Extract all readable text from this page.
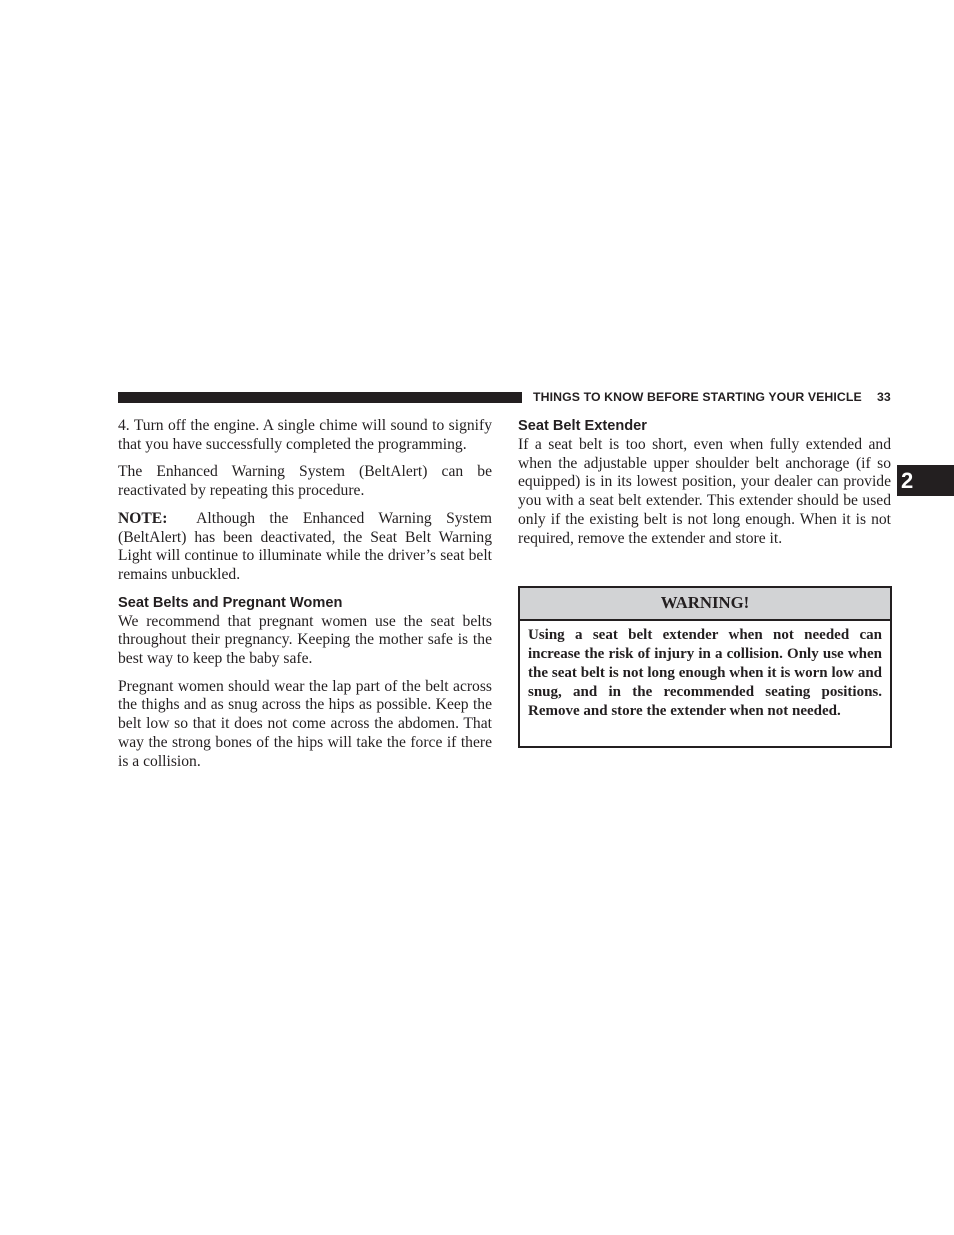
THINGS TO KNOW BEFORE STARTING YOUR VEHICLE 33
2

4. Turn off the engine. A single chime will sound to signify that you have successfully completed the programming.

The Enhanced Warning System (BeltAlert) can be reactivated by repeating this procedure.

NOTE: Although the Enhanced Warning System (BeltAlert) has been deactivated, the Seat Belt Warning Light will continue to illuminate while the driver’s seat belt remains unbuckled.

Seat Belts and Pregnant Women

We recommend that pregnant women use the seat belts throughout their pregnancy. Keeping the mother safe is the best way to keep the baby safe.

Pregnant women should wear the lap part of the belt across the thighs and as snug across the hips as possible. Keep the belt low so that it does not come across the abdomen. That way the strong bones of the hips will take the force if there is a collision.

Seat Belt Extender

If a seat belt is too short, even when fully extended and when the adjustable upper shoulder belt anchorage (if so equipped) is in its lowest position, your dealer can provide you with a seat belt extender. This extender should be used only if the existing belt is not long enough. When it is not required, remove the extender and store it.

WARNING!

Using a seat belt extender when not needed can increase the risk of injury in a collision. Only use when the seat belt is not long enough when it is worn low and snug, and in the recommended seating positions. Remove and store the extender when not needed.
